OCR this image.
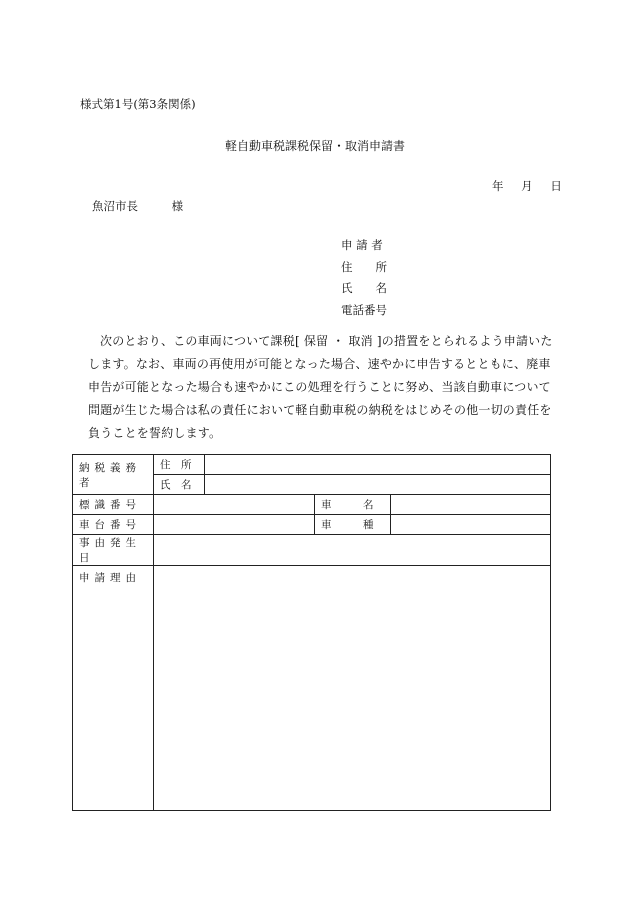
様式第1号(第3条関係)
軽自動車税課税保留・取消申請書
年 月 日
魚沼市長	様
申 請 者
住　　所
氏　　名
電話番号
次のとおり、この車両について課税[ 保留 ・ 取消 ]の措置をとられるよう申請いたします。なお、車両の再使用が可能となった場合、速やかに申告するとともに、廃車申告が可能となった場合も速やかにこの処理を行うことに努め、当該自動車について問題が生じた場合は私の責任において軽自動車税の納税をはじめその他一切の責任を負うことを誓約します。
納税義務者	住　所			
	氏　名			
標識番号			車　　　名	
車台番号			車　　　種	
事由発生日				
申請理由				
